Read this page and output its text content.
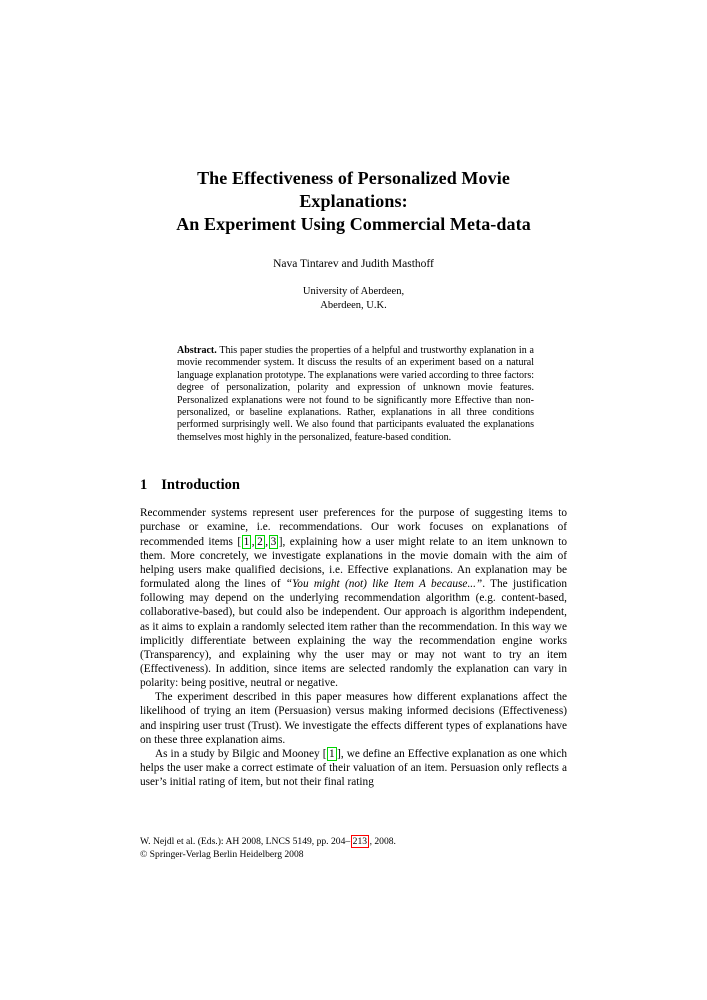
The Effectiveness of Personalized Movie
Explanations:
An Experiment Using Commercial Meta-data
Nava Tintarev and Judith Masthoff
University of Aberdeen,
Aberdeen, U.K.
Abstract. This paper studies the properties of a helpful and trustworthy explanation in a movie recommender system. It discuss the results of an experiment based on a natural language explanation prototype. The explanations were varied according to three factors: degree of personalization, polarity and expression of unknown movie features. Personalized explanations were not found to be significantly more Effective than non-personalized, or baseline explanations. Rather, explanations in all three conditions performed surprisingly well. We also found that participants evaluated the explanations themselves most highly in the personalized, feature-based condition.
1 Introduction

Recommender systems represent user preferences for the purpose of suggesting items to purchase or examine, i.e. recommendations. Our work focuses on explanations of recommended items [ 1 , 2 , 3 ], explaining how a user might relate to an item unknown to them. More concretely, we investigate explanations in the movie domain with the aim of helping users make qualified decisions, i.e. Effective explanations. An explanation may be formulated along the lines of “You might (not) like Item A because...”. The justification following may depend on the underlying recommendation algorithm (e.g. content-based, collaborative-based), but could also be independent. Our approach is algorithm independent, as it aims to explain a randomly selected item rather than the recommendation. In this way we implicitly differentiate between explaining the way the recommendation engine works (Transparency), and explaining why the user may or may not want to try an item (Effectiveness). In addition, since items are selected randomly the explanation can vary in polarity: being positive, neutral or negative.

The experiment described in this paper measures how different explanations affect the likelihood of trying an item (Persuasion) versus making informed decisions (Effectiveness) and inspiring user trust (Trust). We investigate the effects different types of explanations have on these three explanation aims.

As in a study by Bilgic and Mooney [ 1 ], we define an Effective explanation as one which helps the user make a correct estimate of their valuation of an item. Persuasion only reflects a user’s initial rating of item, but not their final rating

W. Nejdl et al. (Eds.): AH 2008, LNCS 5149, pp. 204– 213 , 2008.
© Springer-Verlag Berlin Heidelberg 2008
